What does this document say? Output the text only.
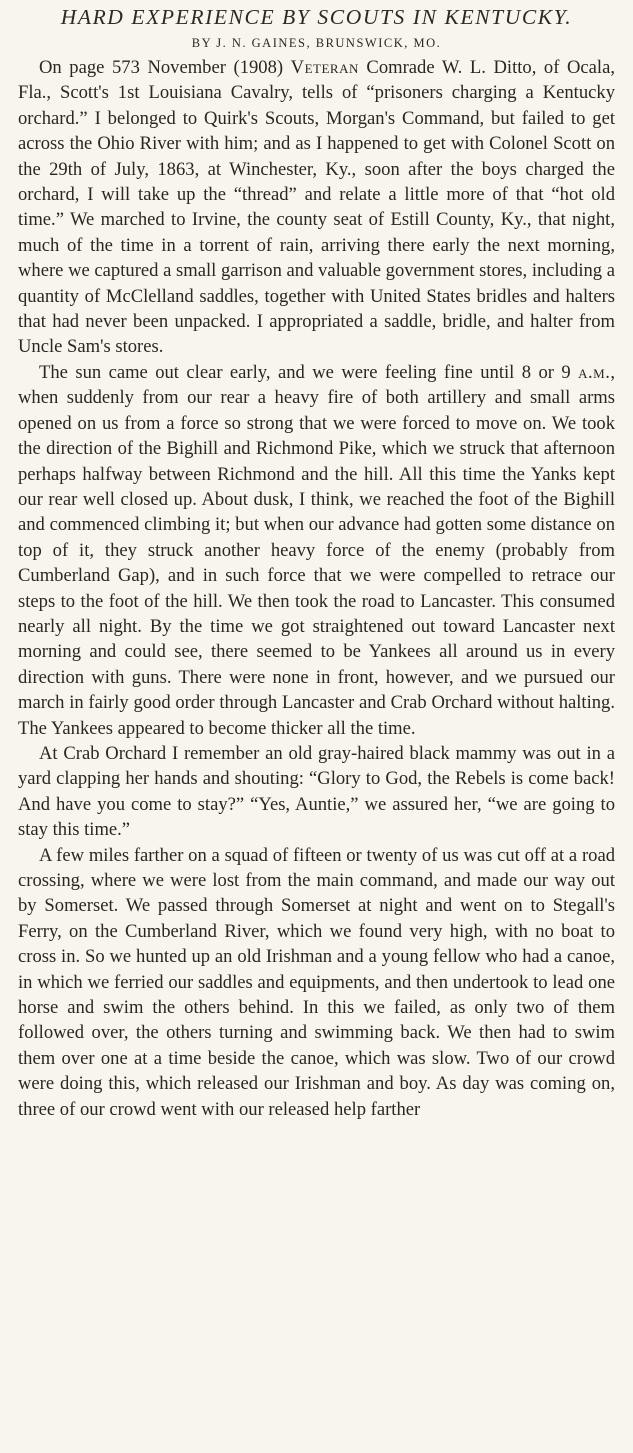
HARD EXPERIENCE BY SCOUTS IN KENTUCKY.
BY J. N. GAINES, BRUNSWICK, MO.

On page 573 November (1908) Veteran Comrade W. L. Ditto, of Ocala, Fla., Scott's 1st Louisiana Cavalry, tells of “prisoners charging a Kentucky orchard.” I belonged to Quirk's Scouts, Morgan's Command, but failed to get across the Ohio River with him; and as I happened to get with Colonel Scott on the 29th of July, 1863, at Winchester, Ky., soon after the boys charged the orchard, I will take up the “thread” and relate a little more of that “hot old time.” We marched to Irvine, the county seat of Estill County, Ky., that night, much of the time in a torrent of rain, arriving there early the next morning, where we captured a small garrison and valuable government stores, including a quantity of McClelland saddles, together with United States bridles and halters that had never been unpacked. I appropriated a saddle, bridle, and halter from Uncle Sam's stores.

The sun came out clear early, and we were feeling fine until 8 or 9 a.m., when suddenly from our rear a heavy fire of both artillery and small arms opened on us from a force so strong that we were forced to move on. We took the direction of the Bighill and Richmond Pike, which we struck that afternoon perhaps halfway between Richmond and the hill. All this time the Yanks kept our rear well closed up. About dusk, I think, we reached the foot of the Bighill and commenced climbing it; but when our advance had gotten some distance on top of it, they struck another heavy force of the enemy (probably from Cumberland Gap), and in such force that we were compelled to retrace our steps to the foot of the hill. We then took the road to Lancaster. This consumed nearly all night. By the time we got straightened out toward Lancaster next morning and could see, there seemed to be Yankees all around us in every direction with guns. There were none in front, however, and we pursued our march in fairly good order through Lancaster and Crab Orchard without halting. The Yankees appeared to become thicker all the time.

At Crab Orchard I remember an old gray-haired black mammy was out in a yard clapping her hands and shouting: “Glory to God, the Rebels is come back! And have you come to stay?” “Yes, Auntie,” we assured her, “we are going to stay this time.”

A few miles farther on a squad of fifteen or twenty of us was cut off at a road crossing, where we were lost from the main command, and made our way out by Somerset. We passed through Somerset at night and went on to Stegall's Ferry, on the Cumberland River, which we found very high, with no boat to cross in. So we hunted up an old Irishman and a young fellow who had a canoe, in which we ferried our saddles and equipments, and then undertook to lead one horse and swim the others behind. In this we failed, as only two of them followed over, the others turning and swimming back. We then had to swim them over one at a time beside the canoe, which was slow. Two of our crowd were doing this, which released our Irishman and boy. As day was coming on, three of our crowd went with our released help farther
